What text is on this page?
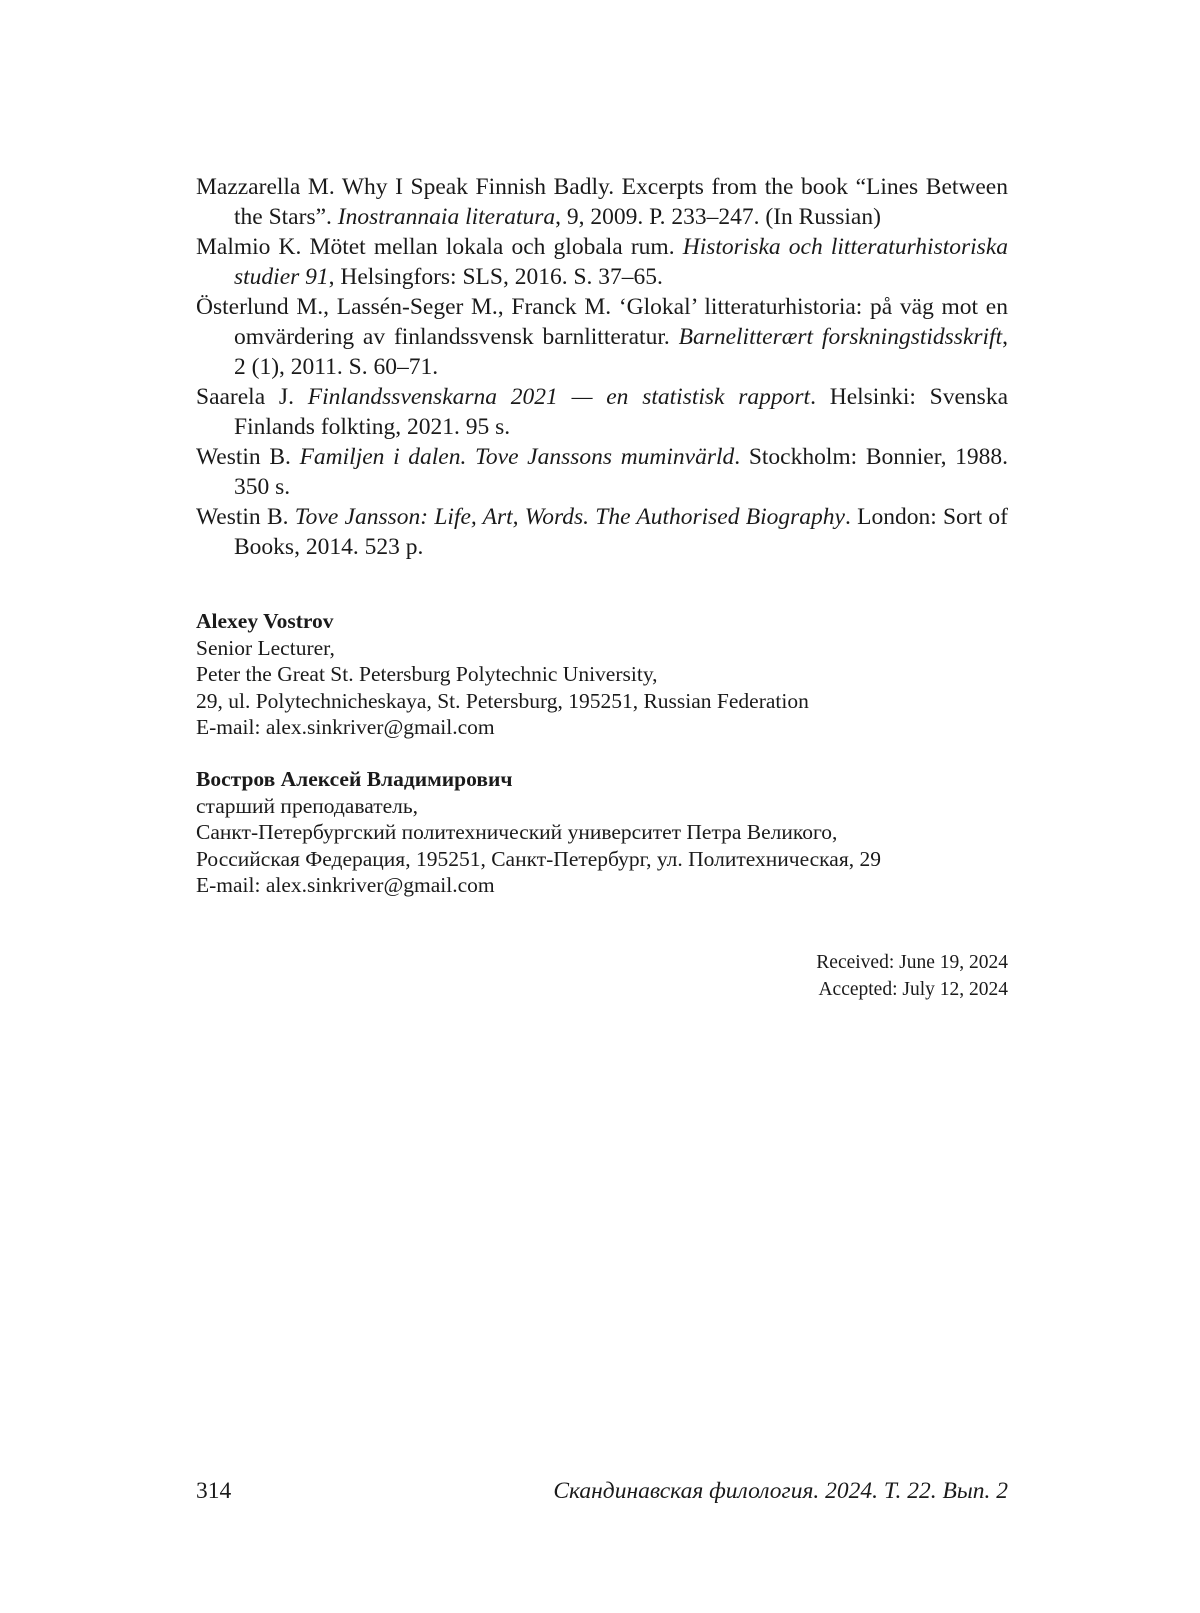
Mazzarella M. Why I Speak Finnish Badly. Excerpts from the book “Lines Between the Stars”. Inostrannaia literatura, 9, 2009. P. 233–247. (In Russian)

Malmio K. Mötet mellan lokala och globala rum. Historiska och litteraturhistoriska studier 91, Helsingfors: SLS, 2016. S. 37–65.

Österlund M., Lassén-Seger M., Franck M. ‘Glokal’ litteraturhistoria: på väg mot en omvärdering av finlandssvensk barnlitteratur. Barnelitterært forskningstidsskrift, 2 (1), 2011. S. 60–71.

Saarela J. Finlandssvenskarna 2021 — en statistisk rapport. Helsinki: Svenska Finlands folkting, 2021. 95 s.

Westin B. Familjen i dalen. Tove Janssons muminvärld. Stockholm: Bonnier, 1988. 350 s.

Westin B. Tove Jansson: Life, Art, Words. The Authorised Biography. London: Sort of Books, 2014. 523 p.

Alexey Vostrov
Senior Lecturer,
Peter the Great St. Petersburg Polytechnic University,
29, ul. Polytechnicheskaya, St. Petersburg, 195251, Russian Federation
E-mail: alex.sinkriver@gmail.com
Востров Алексей Владимирович
старший преподаватель,
Санкт-Петербургский политехнический университет Петра Великого,
Российская Федерация, 195251, Санкт-Петербург, ул. Политехническая, 29
E-mail: alex.sinkriver@gmail.com
Received: June 19, 2024
Accepted: July 12, 2024
314	Скандинавская филология. 2024. Т. 22. Вып. 2
